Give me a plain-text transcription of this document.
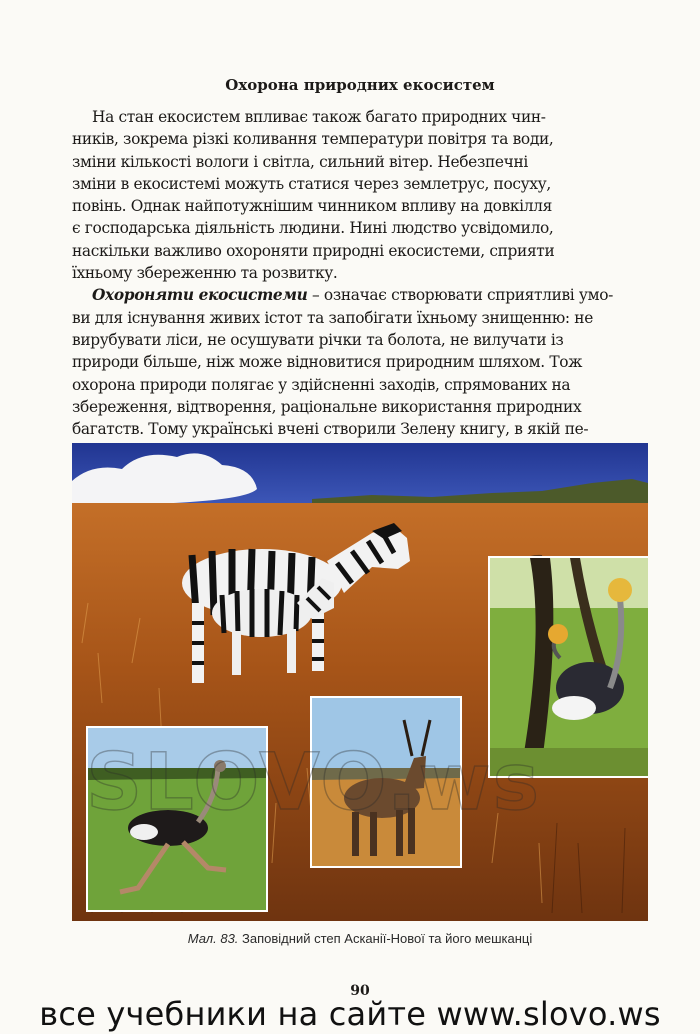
Охорона природних екосистем
На стан екосистем впливає також багато природних чин-
ників, зокрема різкі коливання температури повітря та води,
зміни кількості вологи і світла, сильний вітер. Небезпечні
зміни в екосистемі можуть статися через землетрус, посуху,
повінь. Однак найпотужнішим чинником впливу на довкілля
є господарська діяльність людини. Нині людство усвідомило,
наскільки важливо охороняти природні екосистеми, сприяти
їхньому збереженню та розвитку.
Охороняти екосистеми – означає створювати сприятливі умо-
ви для існування живих істот та запобігати їхньому знищенню: не
вирубувати ліси, не осушувати річки та болота, не вилучати із
природи більше, ніж може відновитися природним шляхом. Тож
охорона природи полягає у здійсненні заходів, спрямованих на
збереження, відтворення, раціональне використання природних
багатств. Тому українські вчені створили Зелену книгу, в якій пе-
Мал. 83. Заповідний степ Асканії-Нової та його мешканці
90
все учебники на сайте www.slovo.ws
